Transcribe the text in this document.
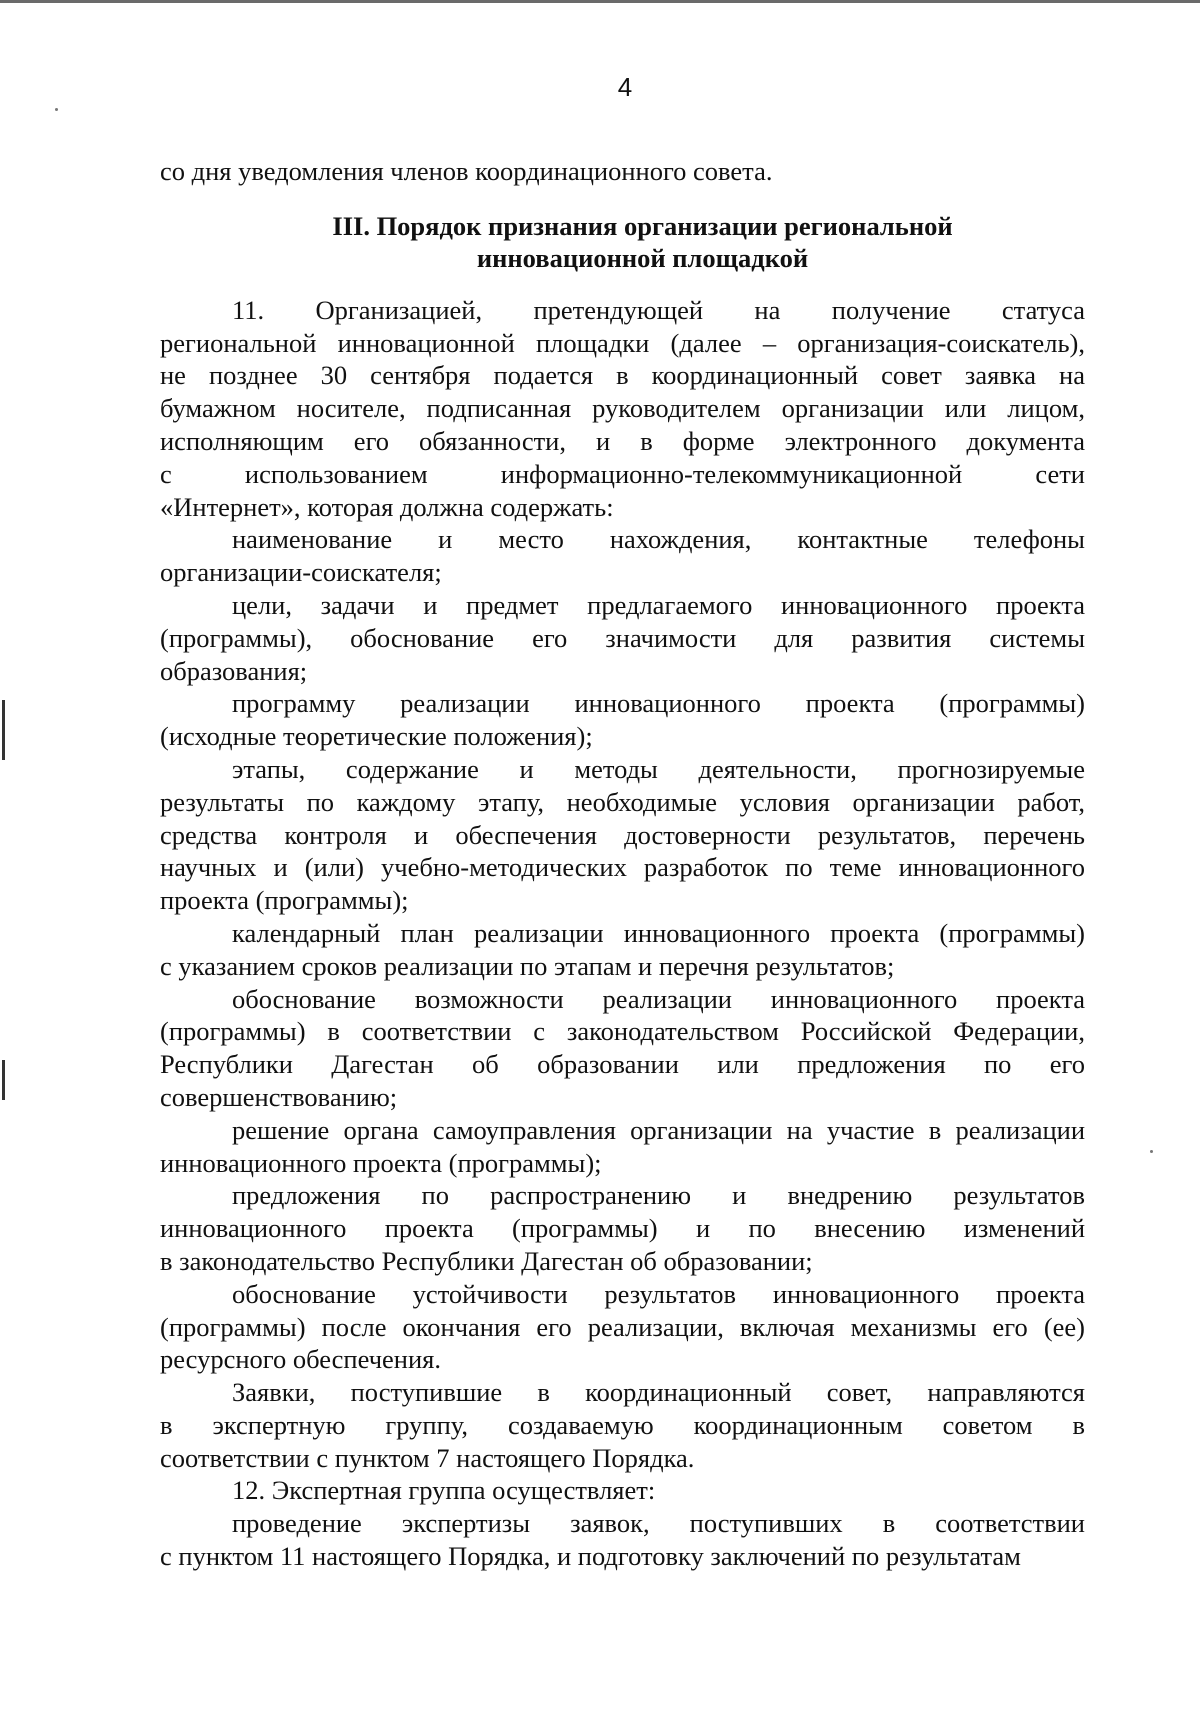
4
со дня уведомления членов координационного совета.
III. Порядок признания организации региональной
инновационной площадкой
11. Организацией, претендующей на получение статуса
региональной инновационной площадки (далее – организация-соискатель),
не позднее 30 сентября подается в координационный совет заявка на
бумажном носителе, подписанная руководителем организации или лицом,
исполняющим его обязанности, и в форме электронного документа
с использованием информационно-телекоммуникационной сети
«Интернет», которая должна содержать:
наименование и место нахождения, контактные телефоны
организации-соискателя;
цели, задачи и предмет предлагаемого инновационного проекта
(программы), обоснование его значимости для развития системы
образования;
программу реализации инновационного проекта (программы)
(исходные теоретические положения);
этапы, содержание и методы деятельности, прогнозируемые
результаты по каждому этапу, необходимые условия организации работ,
средства контроля и обеспечения достоверности результатов, перечень
научных и (или) учебно-методических разработок по теме инновационного
проекта (программы);
календарный план реализации инновационного проекта (программы)
с указанием сроков реализации по этапам и перечня результатов;
обоснование возможности реализации инновационного проекта
(программы) в соответствии с законодательством Российской Федерации,
Республики Дагестан об образовании или предложения по его
совершенствованию;
решение органа самоуправления организации на участие в реализации
инновационного проекта (программы);
предложения по распространению и внедрению результатов
инновационного проекта (программы) и по внесению изменений
в законодательство Республики Дагестан об образовании;
обоснование устойчивости результатов инновационного проекта
(программы) после окончания его реализации, включая механизмы его (ее)
ресурсного обеспечения.
Заявки, поступившие в координационный совет, направляются
в экспертную группу, создаваемую координационным советом в
соответствии с пунктом 7 настоящего Порядка.
12. Экспертная группа осуществляет:
проведение экспертизы заявок, поступивших в соответствии
с пунктом 11 настоящего Порядка, и подготовку заключений по результатам
